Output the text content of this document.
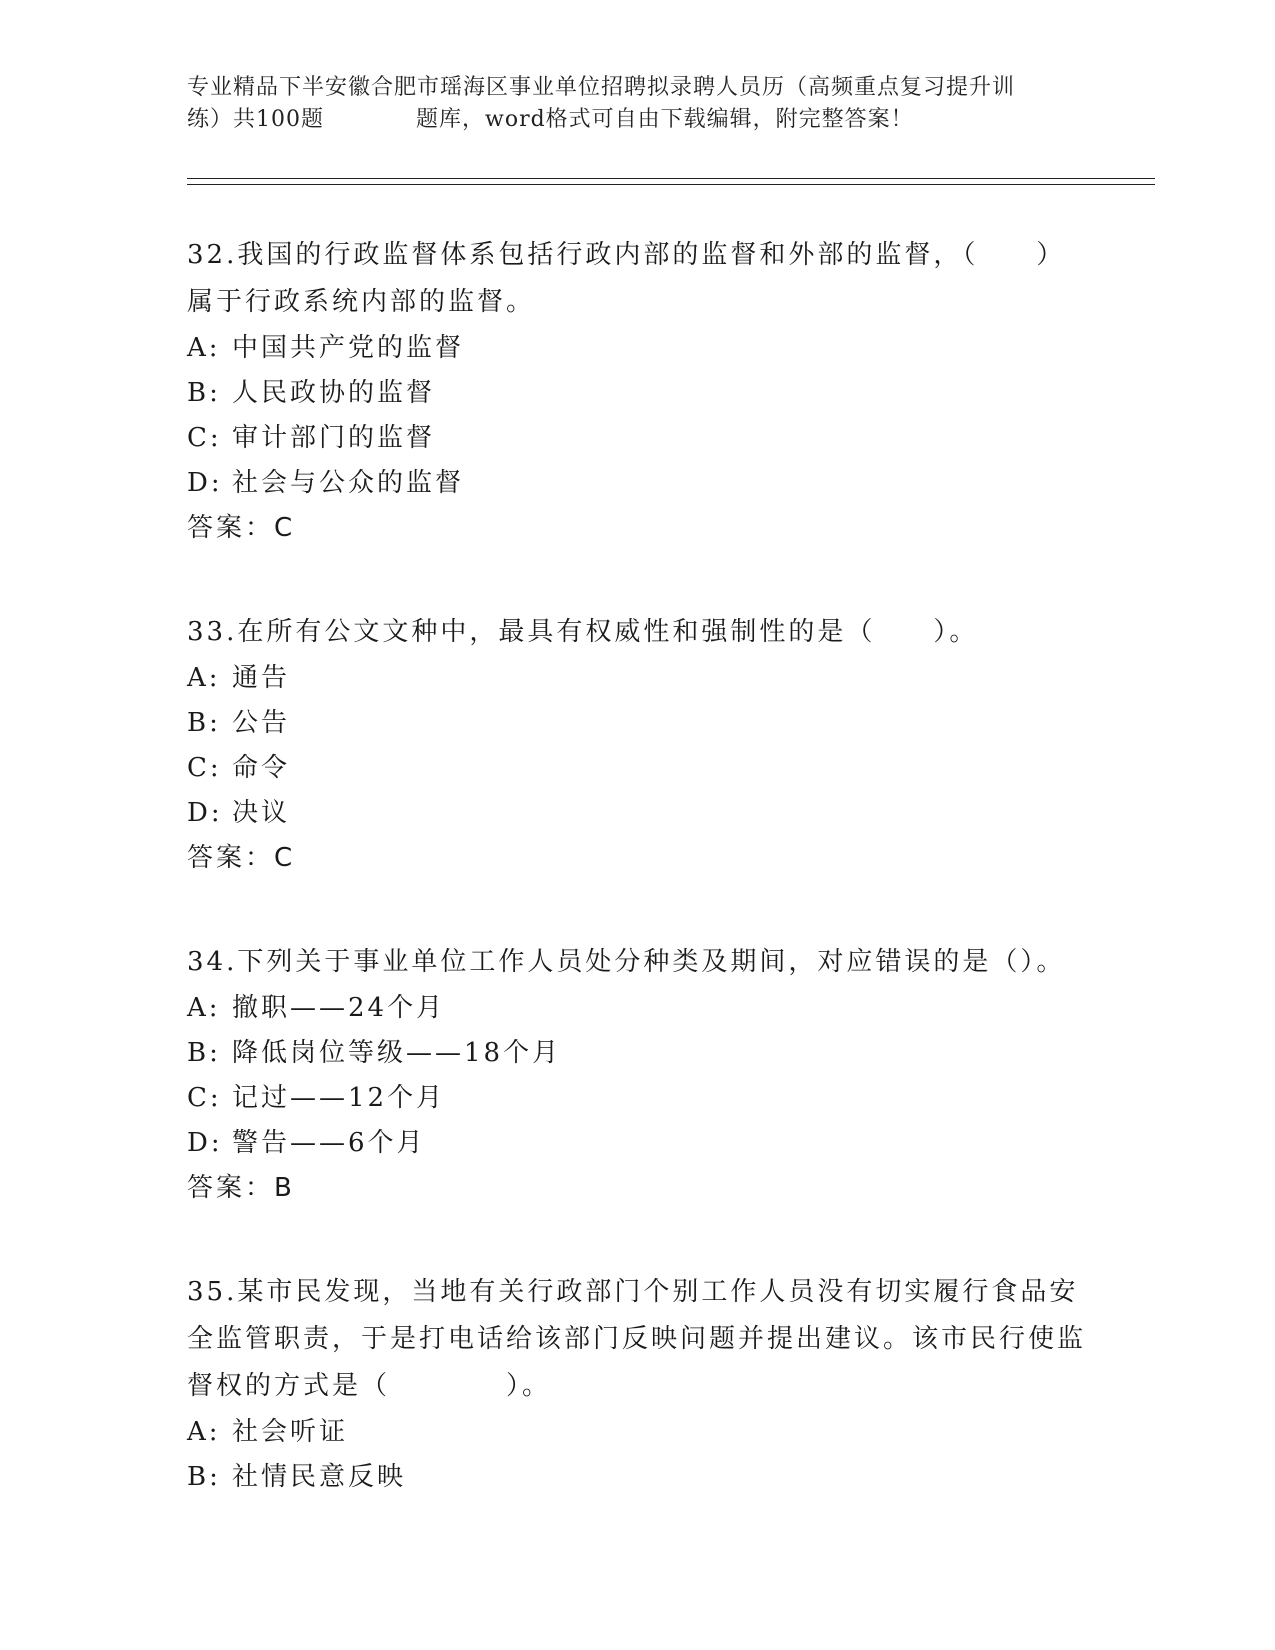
专业精品下半安徽合肥市瑶海区事业单位招聘拟录聘人员历（高频重点复习提升训
练）共100题　　　　题库，word格式可自由下载编辑，附完整答案！

32.我国的行政监督体系包括行政内部的监督和外部的监督，（　　）属于行政系统内部的监督。

A: 中国共产党的监督

B: 人民政协的监督

C: 审计部门的监督

D: 社会与公众的监督

答案：C

33.在所有公文文种中，最具有权威性和强制性的是（　　）。

A: 通告

B: 公告

C: 命令

D: 决议

答案：C

34.下列关于事业单位工作人员处分种类及期间，对应错误的是（）。

A: 撤职——24个月

B: 降低岗位等级——18个月

C: 记过——12个月

D: 警告——6个月

答案：B

35.某市民发现，当地有关行政部门个别工作人员没有切实履行食品安全监管职责，于是打电话给该部门反映问题并提出建议。该市民行使监督权的方式是（　　　　）。

A: 社会听证

B: 社情民意反映
